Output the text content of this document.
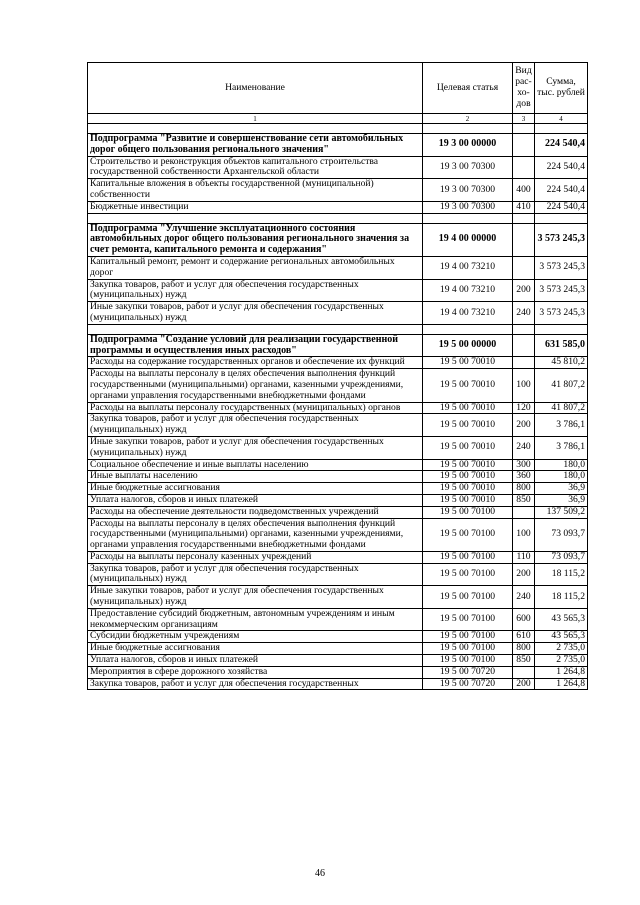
Наименование	Целевая статья	Вид рас- хо- дов	Сумма, тыс. рублей
1	2	3	4

Подпрограмма "Развитие и совершенствование сети автомобильных дорог общего пользования регионального значения"	19 3 00 00000		224 540,4
Строительство и реконструкция объектов капитального строительства государственной собственности Архангельской области	19 3 00 70300		224 540,4
Капитальные вложения в объекты государственной (муниципальной) собственности	19 3 00 70300	400	224 540,4
Бюджетные инвестиции	19 3 00 70300	410	224 540,4

Подпрограмма "Улучшение эксплуатационного состояния автомобильных дорог общего пользования регионального значения за счет ремонта, капитального ремонта и содержания"	19 4 00 00000		3 573 245,3
Капитальный ремонт, ремонт и содержание региональных автомобильных дорог	19 4 00 73210		3 573 245,3
Закупка товаров, работ и услуг для обеспечения государственных (муниципальных) нужд	19 4 00 73210	200	3 573 245,3
Иные закупки товаров, работ и услуг для обеспечения государственных (муниципальных) нужд	19 4 00 73210	240	3 573 245,3

Подпрограмма "Создание условий для реализации государственной программы и осуществления иных расходов"	19 5 00 00000		631 585,0
Расходы на содержание государственных органов и обеспечение их функций	19 5 00 70010		45 810,2
Расходы на выплаты персоналу в целях обеспечения выполнения функций государственными (муниципальными) органами, казенными учреждениями, органами управления государственными внебюджетными фондами	19 5 00 70010	100	41 807,2
Расходы на выплаты персоналу государственных (муниципальных) органов	19 5 00 70010	120	41 807,2
Закупка товаров, работ и услуг для обеспечения государственных (муниципальных) нужд	19 5 00 70010	200	3 786,1
Иные закупки товаров, работ и услуг для обеспечения государственных (муниципальных) нужд	19 5 00 70010	240	3 786,1
Социальное обеспечение и иные выплаты населению	19 5 00 70010	300	180,0
Иные выплаты населению	19 5 00 70010	360	180,0
Иные бюджетные ассигнования	19 5 00 70010	800	36,9
Уплата налогов, сборов и иных платежей	19 5 00 70010	850	36,9
Расходы на обеспечение деятельности подведомственных учреждений	19 5 00 70100		137 509,2
Расходы на выплаты персоналу в целях обеспечения выполнения функций государственными (муниципальными) органами, казенными учреждениями, органами управления государственными внебюджетными фондами	19 5 00 70100	100	73 093,7
Расходы на выплаты персоналу казенных учреждений	19 5 00 70100	110	73 093,7
Закупка товаров, работ и услуг для обеспечения государственных (муниципальных) нужд	19 5 00 70100	200	18 115,2
Иные закупки товаров, работ и услуг для обеспечения государственных (муниципальных) нужд	19 5 00 70100	240	18 115,2
Предоставление субсидий бюджетным, автономным учреждениям и иным некоммерческим организациям	19 5 00 70100	600	43 565,3
Субсидии бюджетным учреждениям	19 5 00 70100	610	43 565,3
Иные бюджетные ассигнования	19 5 00 70100	800	2 735,0
Уплата налогов, сборов и иных платежей	19 5 00 70100	850	2 735,0
Мероприятия в сфере дорожного хозяйства	19 5 00 70720		1 264,8
Закупка товаров, работ и услуг для обеспечения государственных	19 5 00 70720	200	1 264,8
46
